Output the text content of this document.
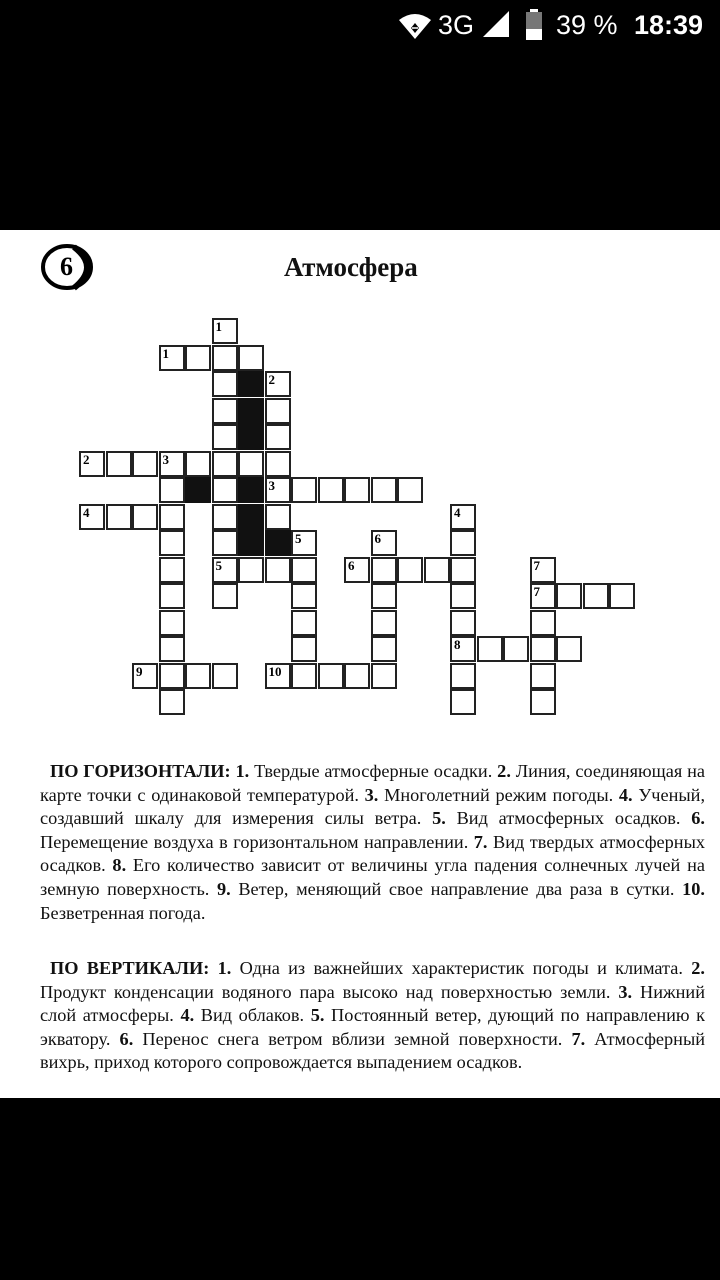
3G	39 % 18:39
6	Атмосфера
1
1
2
2	3
3
4	4
5	6
5	6	7
7
8
9	10
ПО ГОРИЗОНТАЛИ: 1. Твердые атмосферные осадки. 2. Линия, соединяющая на карте точки с одинаковой температурой. 3. Многолетний режим погоды. 4. Ученый, создавший шкалу для измерения силы ветра. 5. Вид атмосферных осадков. 6. Перемещение воздуха в горизонтальном направлении. 7. Вид твердых атмосферных осадков. 8. Его количество зависит от величины угла падения солнечных лучей на земную поверхность. 9. Ветер, меняющий свое направление два раза в сутки. 10. Безветренная погода.
ПО ВЕРТИКАЛИ: 1. Одна из важнейших характеристик погоды и климата. 2. Продукт конденсации водяного пара высоко над поверхностью земли. 3. Нижний слой атмосферы. 4. Вид облаков. 5. Постоянный ветер, дующий по направлению к экватору. 6. Перенос снега ветром вблизи земной поверхности. 7. Атмосферный вихрь, приход которого сопровождается выпадением осадков.
